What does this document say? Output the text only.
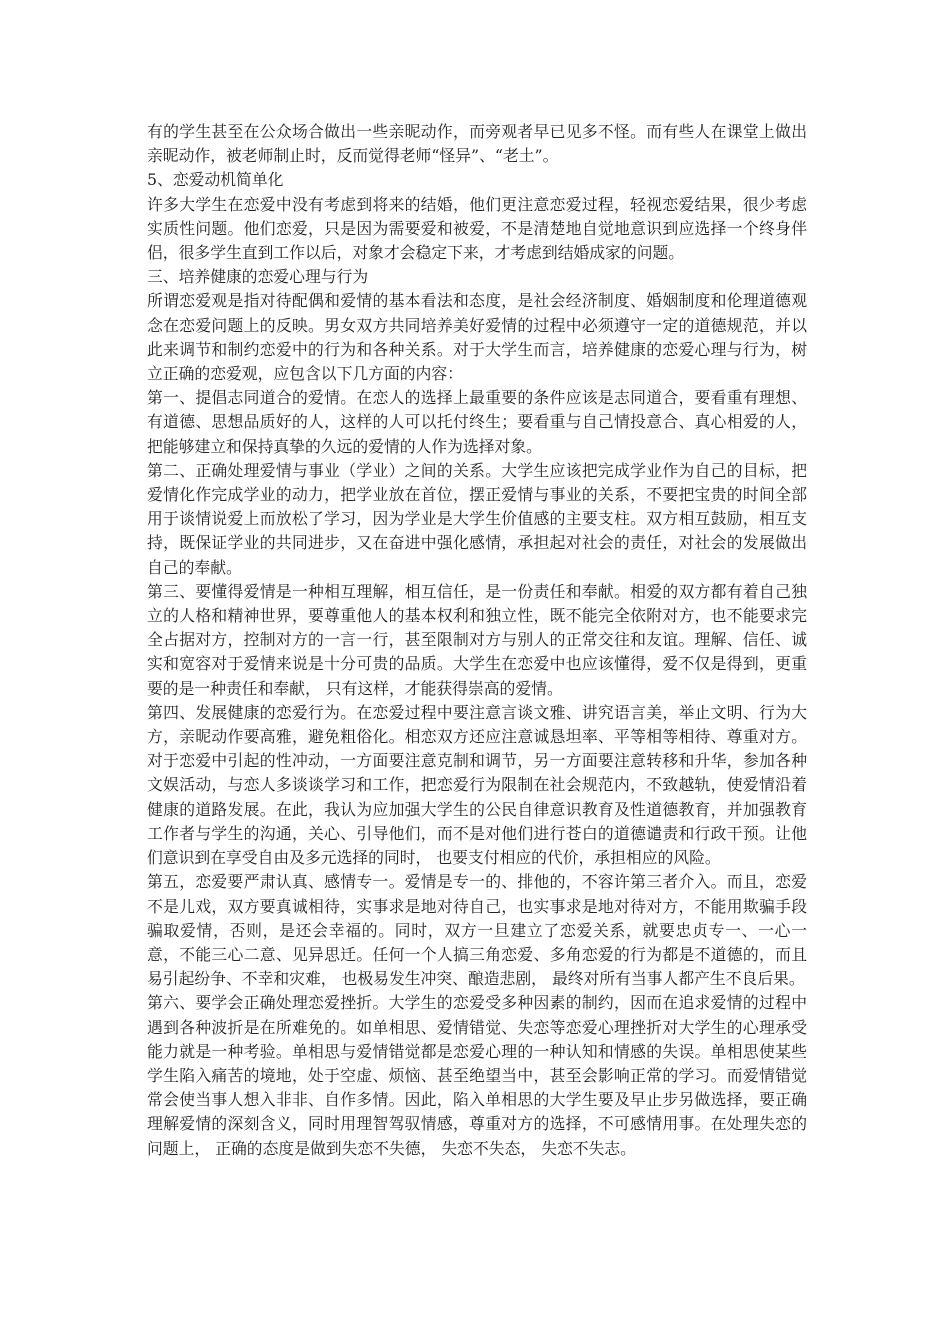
有的学生甚至在公众场合做出一些亲昵动作，而旁观者早已见多不怪。而有些人在课堂上做出亲昵动作，被老师制止时，反而觉得老师“怪异”、“老土”。

5、恋爱动机简单化

许多大学生在恋爱中没有考虑到将来的结婚，他们更注意恋爱过程，轻视恋爱结果，很少考虑实质性问题。他们恋爱，只是因为需要爱和被爱，不是清楚地自觉地意识到应选择一个终身伴侣，很多学生直到工作以后，对象才会稳定下来，才考虑到结婚成家的问题。

三、培养健康的恋爱心理与行为

所谓恋爱观是指对待配偶和爱情的基本看法和态度，是社会经济制度、婚姻制度和伦理道德观念在恋爱问题上的反映。男女双方共同培养美好爱情的过程中必须遵守一定的道德规范，并以此来调节和制约恋爱中的行为和各种关系。对于大学生而言，培养健康的恋爱心理与行为，树立正确的恋爱观，应包含以下几方面的内容：

第一、提倡志同道合的爱情。在恋人的选择上最重要的条件应该是志同道合，要看重有理想、有道德、思想品质好的人，这样的人可以托付终生；要看重与自己情投意合、真心相爱的人，把能够建立和保持真挚的久远的爱情的人作为选择对象。

第二、正确处理爱情与事业（学业）之间的关系。大学生应该把完成学业作为自己的目标，把爱情化作完成学业的动力，把学业放在首位，摆正爱情与事业的关系，不要把宝贵的时间全部用于谈情说爱上而放松了学习，因为学业是大学生价值感的主要支柱。双方相互鼓励，相互支持，既保证学业的共同进步，又在奋进中强化感情，承担起对社会的责任，对社会的发展做出自己的奉献。

第三、要懂得爱情是一种相互理解，相互信任，是一份责任和奉献。相爱的双方都有着自己独立的人格和精神世界，要尊重他人的基本权利和独立性，既不能完全依附对方，也不能要求完全占据对方，控制对方的一言一行，甚至限制对方与别人的正常交往和友谊。理解、信任、诚实和宽容对于爱情来说是十分可贵的品质。大学生在恋爱中也应该懂得，爱不仅是得到，更重要的是一种责任和奉献， 只有这样，才能获得崇高的爱情。

第四、发展健康的恋爱行为。在恋爱过程中要注意言谈文雅、讲究语言美，举止文明、行为大方，亲昵动作要高雅，避免粗俗化。相恋双方还应注意诚恳坦率、平等相等相待、尊重对方。对于恋爱中引起的性冲动，一方面要注意克制和调节，另一方面要注意转移和升华，参加各种文娱活动，与恋人多谈谈学习和工作，把恋爱行为限制在社会规范内，不致越轨，使爱情沿着健康的道路发展。在此，我认为应加强大学生的公民自律意识教育及性道德教育，并加强教育工作者与学生的沟通，关心、引导他们，而不是对他们进行苍白的道德谴责和行政干预。让他们意识到在享受自由及多元选择的同时， 也要支付相应的代价，承担相应的风险。

第五，恋爱要严肃认真、感情专一。爱情是专一的、排他的，不容许第三者介入。而且，恋爱不是儿戏，双方要真诚相待，实事求是地对待自己，也实事求是地对待对方，不能用欺骗手段骗取爱情，否则，是还会幸福的。同时，双方一旦建立了恋爱关系，就要忠贞专一、一心一意，不能三心二意、见异思迁。任何一个人搞三角恋爱、多角恋爱的行为都是不道德的，而且易引起纷争、不幸和灾难， 也极易发生冲突、酿造悲剧， 最终对所有当事人都产生不良后果。

第六、要学会正确处理恋爱挫折。大学生的恋爱受多种因素的制约，因而在追求爱情的过程中遇到各种波折是在所难免的。如单相思、爱情错觉、失恋等恋爱心理挫折对大学生的心理承受能力就是一种考验。单相思与爱情错觉都是恋爱心理的一种认知和情感的失误。单相思使某些学生陷入痛苦的境地，处于空虚、烦恼、甚至绝望当中，甚至会影响正常的学习。而爱情错觉常会使当事人想入非非、自作多情。因此，陷入单相思的大学生要及早止步另做选择，要正确理解爱情的深刻含义，同时用理智驾驭情感，尊重对方的选择，不可感情用事。在处理失恋的问题上， 正确的态度是做到失恋不失德， 失恋不失态， 失恋不失志。
